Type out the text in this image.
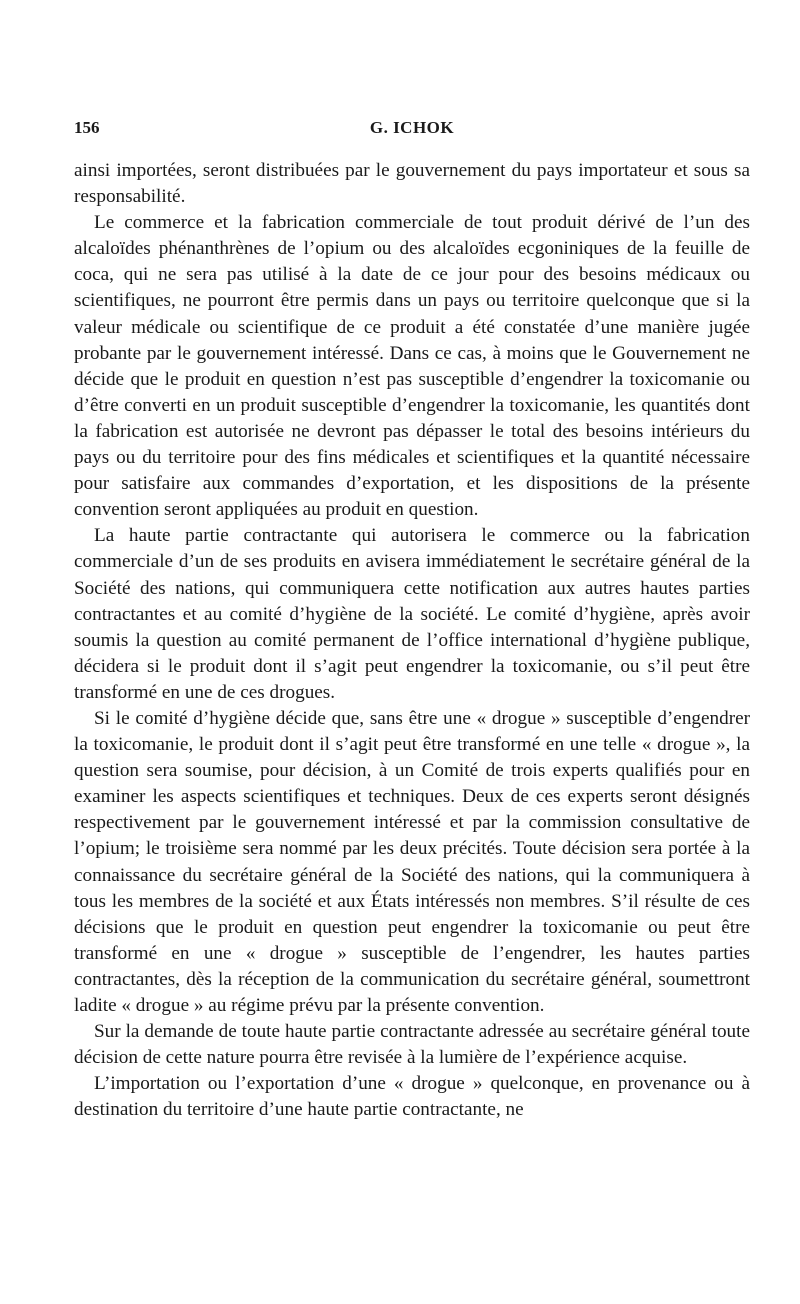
156	G. ICHOK

ainsi importées, seront distribuées par le gouvernement du pays importateur et sous sa responsabilité.

Le commerce et la fabrication commerciale de tout produit dérivé de l’un des alcaloïdes phénanthrènes de l’opium ou des alcaloïdes ecgoniniques de la feuille de coca, qui ne sera pas utilisé à la date de ce jour pour des besoins médicaux ou scientifiques, ne pourront être permis dans un pays ou territoire quelconque que si la valeur médicale ou scientifique de ce produit a été constatée d’une manière jugée probante par le gouvernement intéressé. Dans ce cas, à moins que le Gouvernement ne décide que le produit en question n’est pas susceptible d’engendrer la toxicomanie ou d’être converti en un produit susceptible d’engendrer la toxicomanie, les quantités dont la fabrication est autorisée ne devront pas dépasser le total des besoins intérieurs du pays ou du territoire pour des fins médicales et scientifiques et la quantité nécessaire pour satisfaire aux commandes d’exportation, et les dispositions de la présente convention seront appliquées au produit en question.

La haute partie contractante qui autorisera le commerce ou la fabrication commerciale d’un de ses produits en avisera immédiatement le secrétaire général de la Société des nations, qui communiquera cette notification aux autres hautes parties contractantes et au comité d’hygiène de la société. Le comité d’hygiène, après avoir soumis la question au comité permanent de l’office international d’hygiène publique, décidera si le produit dont il s’agit peut engendrer la toxicomanie, ou s’il peut être transformé en une de ces drogues.

Si le comité d’hygiène décide que, sans être une « drogue » susceptible d’engendrer la toxicomanie, le produit dont il s’agit peut être transformé en une telle « drogue », la question sera soumise, pour décision, à un Comité de trois experts qualifiés pour en examiner les aspects scientifiques et techniques. Deux de ces experts seront désignés respectivement par le gouvernement intéressé et par la commission consultative de l’opium; le troisième sera nommé par les deux précités. Toute décision sera portée à la connaissance du secrétaire général de la Société des nations, qui la communiquera à tous les membres de la société et aux États intéressés non membres. S’il résulte de ces décisions que le produit en question peut engendrer la toxicomanie ou peut être transformé en une « drogue » susceptible de l’engendrer, les hautes parties contractantes, dès la réception de la communication du secrétaire général, soumettront ladite « drogue » au régime prévu par la présente convention.

Sur la demande de toute haute partie contractante adressée au secrétaire général toute décision de cette nature pourra être revisée à la lumière de l’expérience acquise.

L’importation ou l’exportation d’une « drogue » quelconque, en provenance ou à destination du territoire d’une haute partie contractante, ne
